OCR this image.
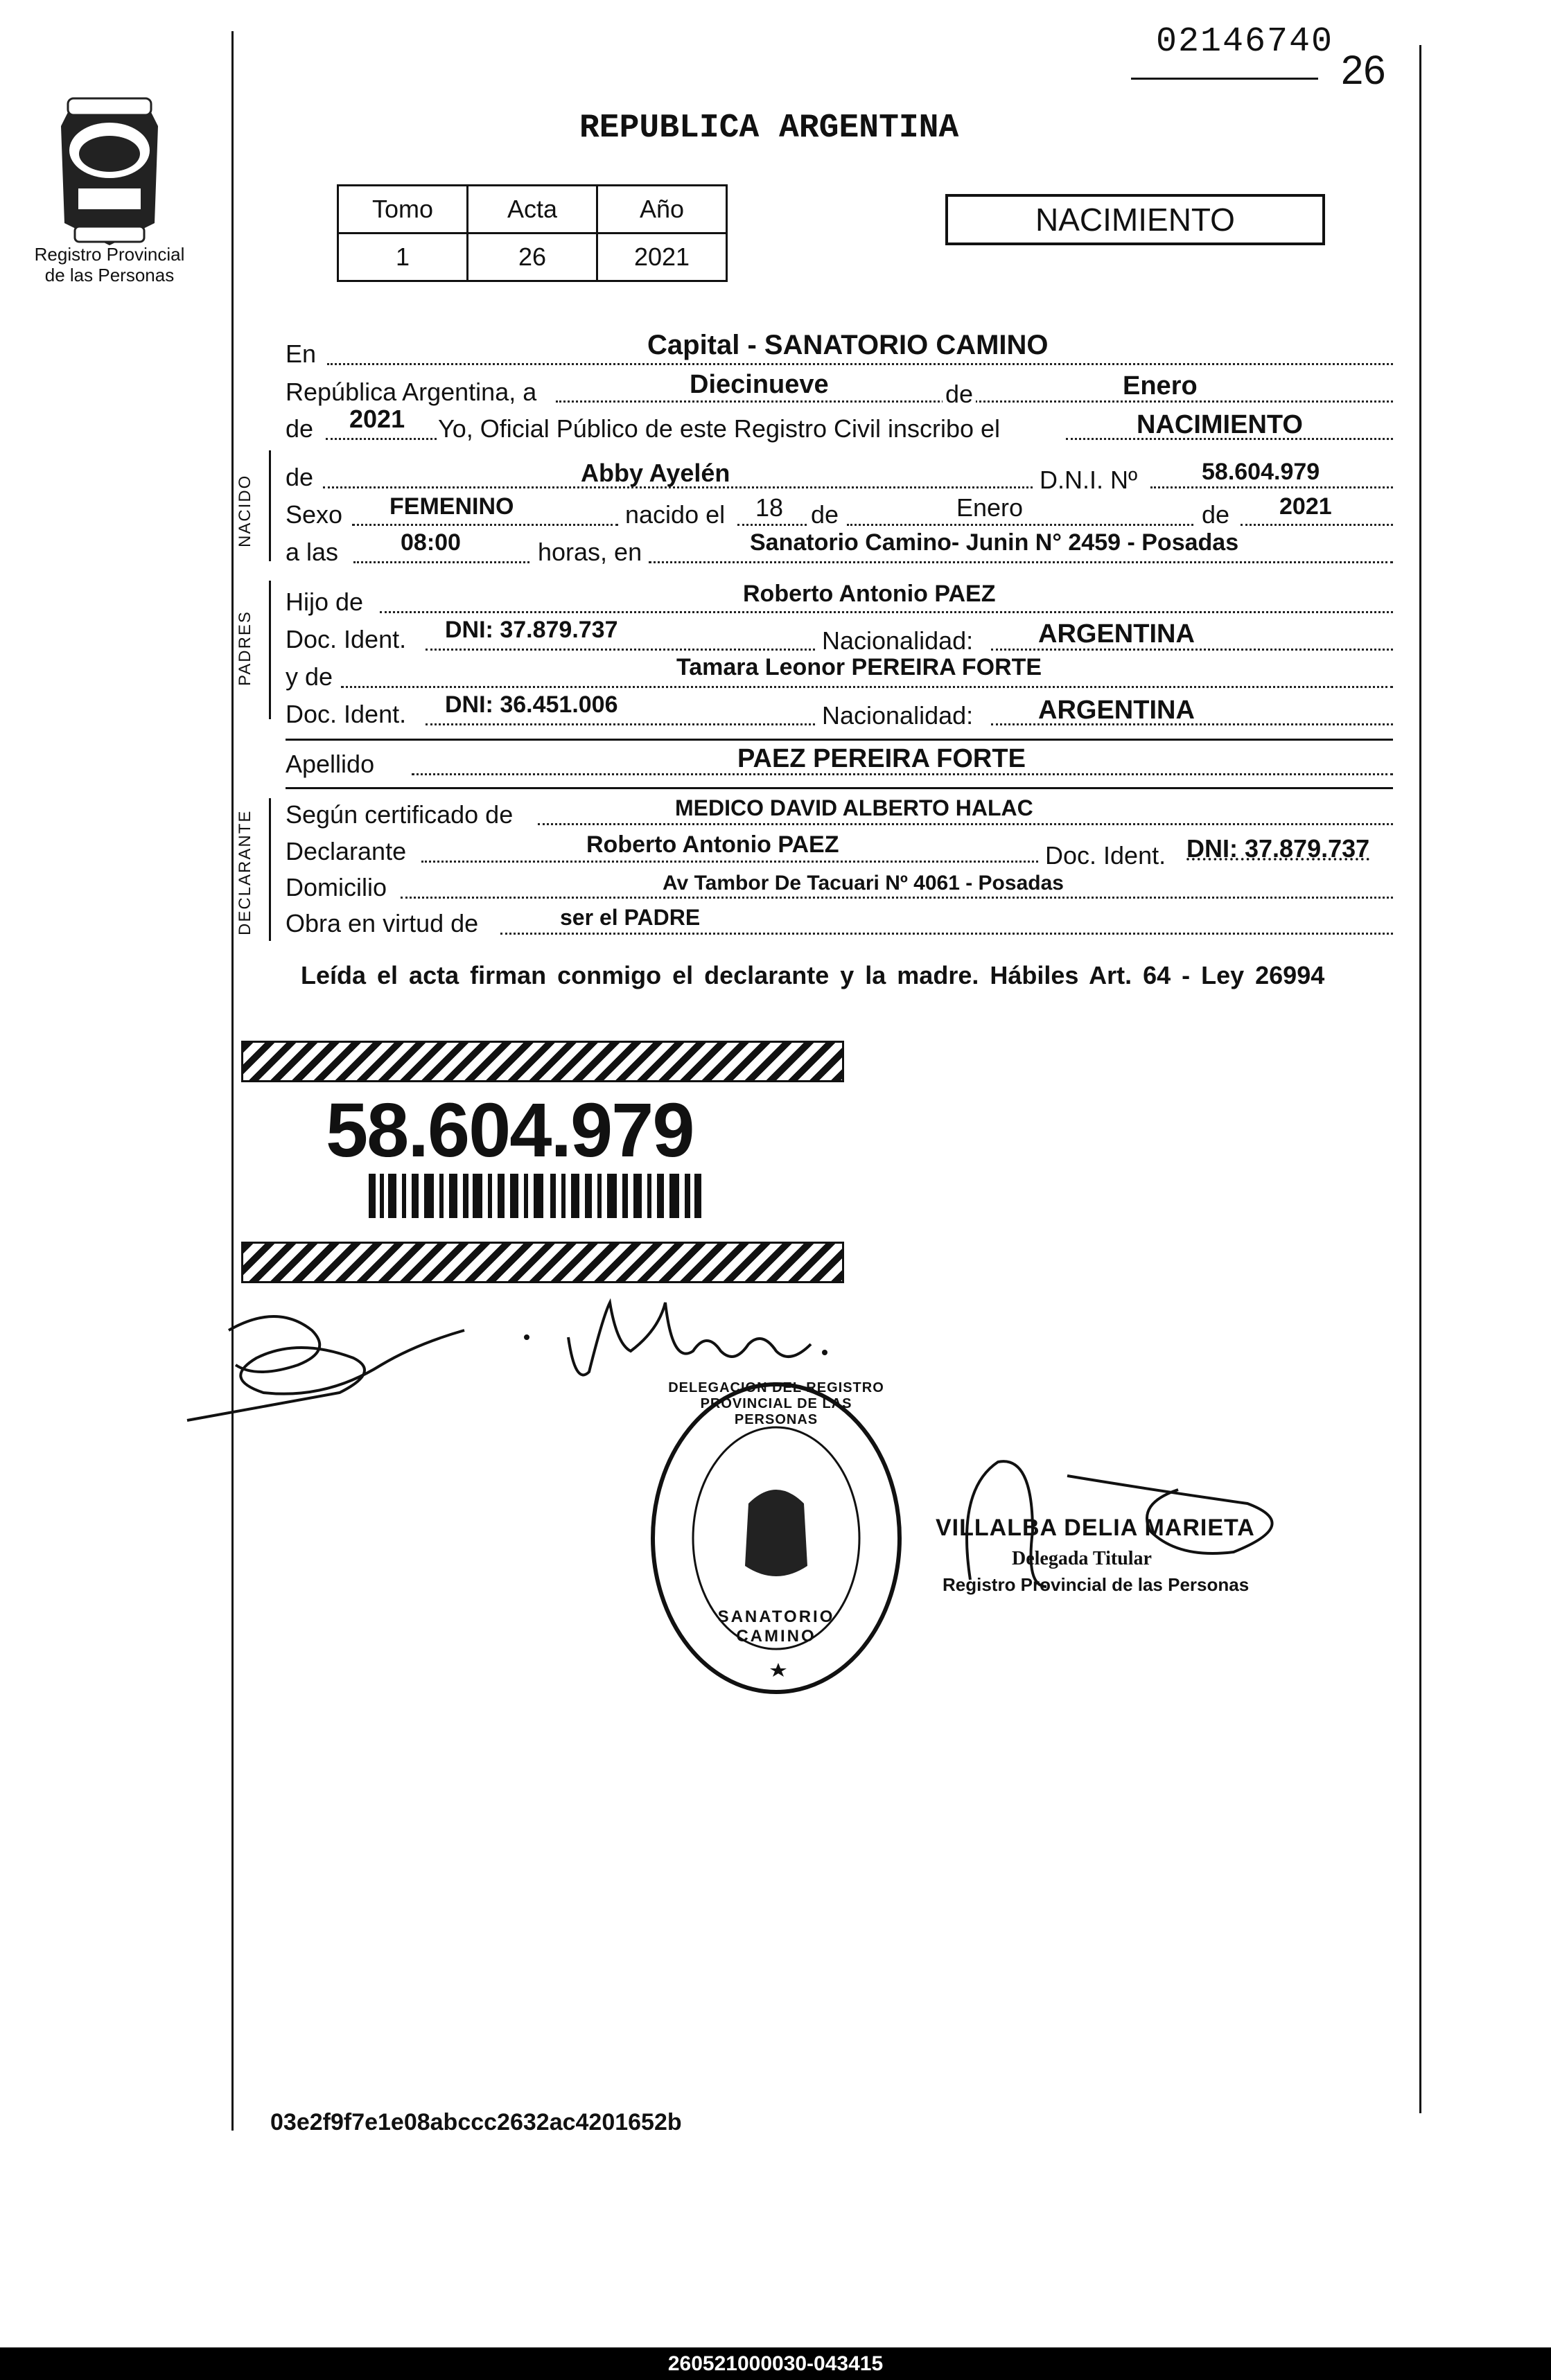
02146740
26
Registro Provincial
de las Personas
REPUBLICA ARGENTINA
Tomo	Acta	Año
1	26	2021
NACIMIENTO
En	Capital - SANATORIO CAMINO
República Argentina, a	Diecinueve	de	Enero
de 2021 Yo, Oficial Público de este Registro Civil inscribo el	NACIMIENTO
NACIDO de	Abby Ayelén	D.N.I. Nº	58.604.979
Sexo FEMENINO	nacido el 18 de	Enero	de 2021
a las	08:00	horas, en	Sanatorio Camino- Junin N° 2459 - Posadas
PADRES
Hijo de	Roberto Antonio PAEZ
Doc. Ident. DNI: 37.879.737	Nacionalidad: ARGENTINA
y de	Tamara Leonor PEREIRA FORTE
Doc. Ident. DNI: 36.451.006	Nacionalidad: ARGENTINA
Apellido	PAEZ PEREIRA FORTE
DECLARANTE Según certificado de	MEDICO DAVID ALBERTO HALAC
Declarante	Roberto Antonio PAEZ	Doc. Ident. DNI: 37.879.737
Domicilio	Av Tambor De Tacuari Nº 4061 - Posadas
Obra en virtud de	ser el PADRE
Leída el acta firman conmigo el declarante y la madre. Hábiles Art. 64 - Ley 26994
58.604.979
DELEGACION DEL REGISTRO PROVINCIAL DE LAS PERSONAS
SANATORIO CAMINO
VILLALBA DELIA MARIETA
Delegada Titular
Registro Provincial de las Personas
03e2f9f7e1e08abccc2632ac4201652b
260521000030-043415
